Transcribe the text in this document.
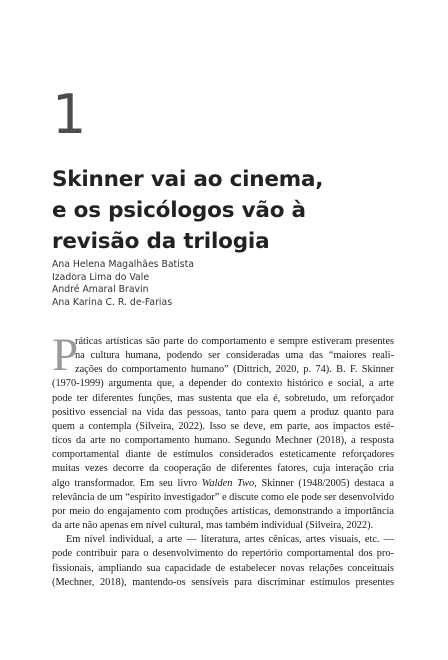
1
Skinner vai ao cinema,
e os psicólogos vão à
revisão da trilogia
Ana Helena Magalhães Batista
Izadora Lima do Vale
André Amaral Bravin
Ana Karina C. R. de-Farias
P
ráticas artísticas são parte do comportamento e sempre estiveram presentes
na cultura humana, podendo ser consideradas uma das “maiores reali-
zações do comportamento humano” (Dittrich, 2020, p. 74). B. F. Skinner
(1970-1999) argumenta que, a depender do contexto histórico e social, a arte
pode ter diferentes funções, mas sustenta que ela é, sobretudo, um reforçador
positivo essencial na vida das pessoas, tanto para quem a produz quanto para
quem a contempla (Silveira, 2022). Isso se deve, em parte, aos impactos esté-
ticos da arte no comportamento humano. Segundo Mechner (2018), a resposta
comportamental diante de estímulos considerados esteticamente reforçadores
muitas vezes decorre da cooperação de diferentes fatores, cuja interação cria
algo transformador. Em seu livro Walden Two, Skinner (1948/2005) destaca a
relevância de um “espírito investigador” e discute como ele pode ser desenvolvido
por meio do engajamento com produções artísticas, demonstrando a importância
da arte não apenas em nível cultural, mas também individual (Silveira, 2022).
Em nível individual, a arte — literatura, artes cênicas, artes visuais, etc. —
pode contribuir para o desenvolvimento do repertório comportamental dos pro-
fissionais, ampliando sua capacidade de estabelecer novas relações conceituais
(Mechner, 2018), mantendo-os sensíveis para discriminar estímulos presentes
